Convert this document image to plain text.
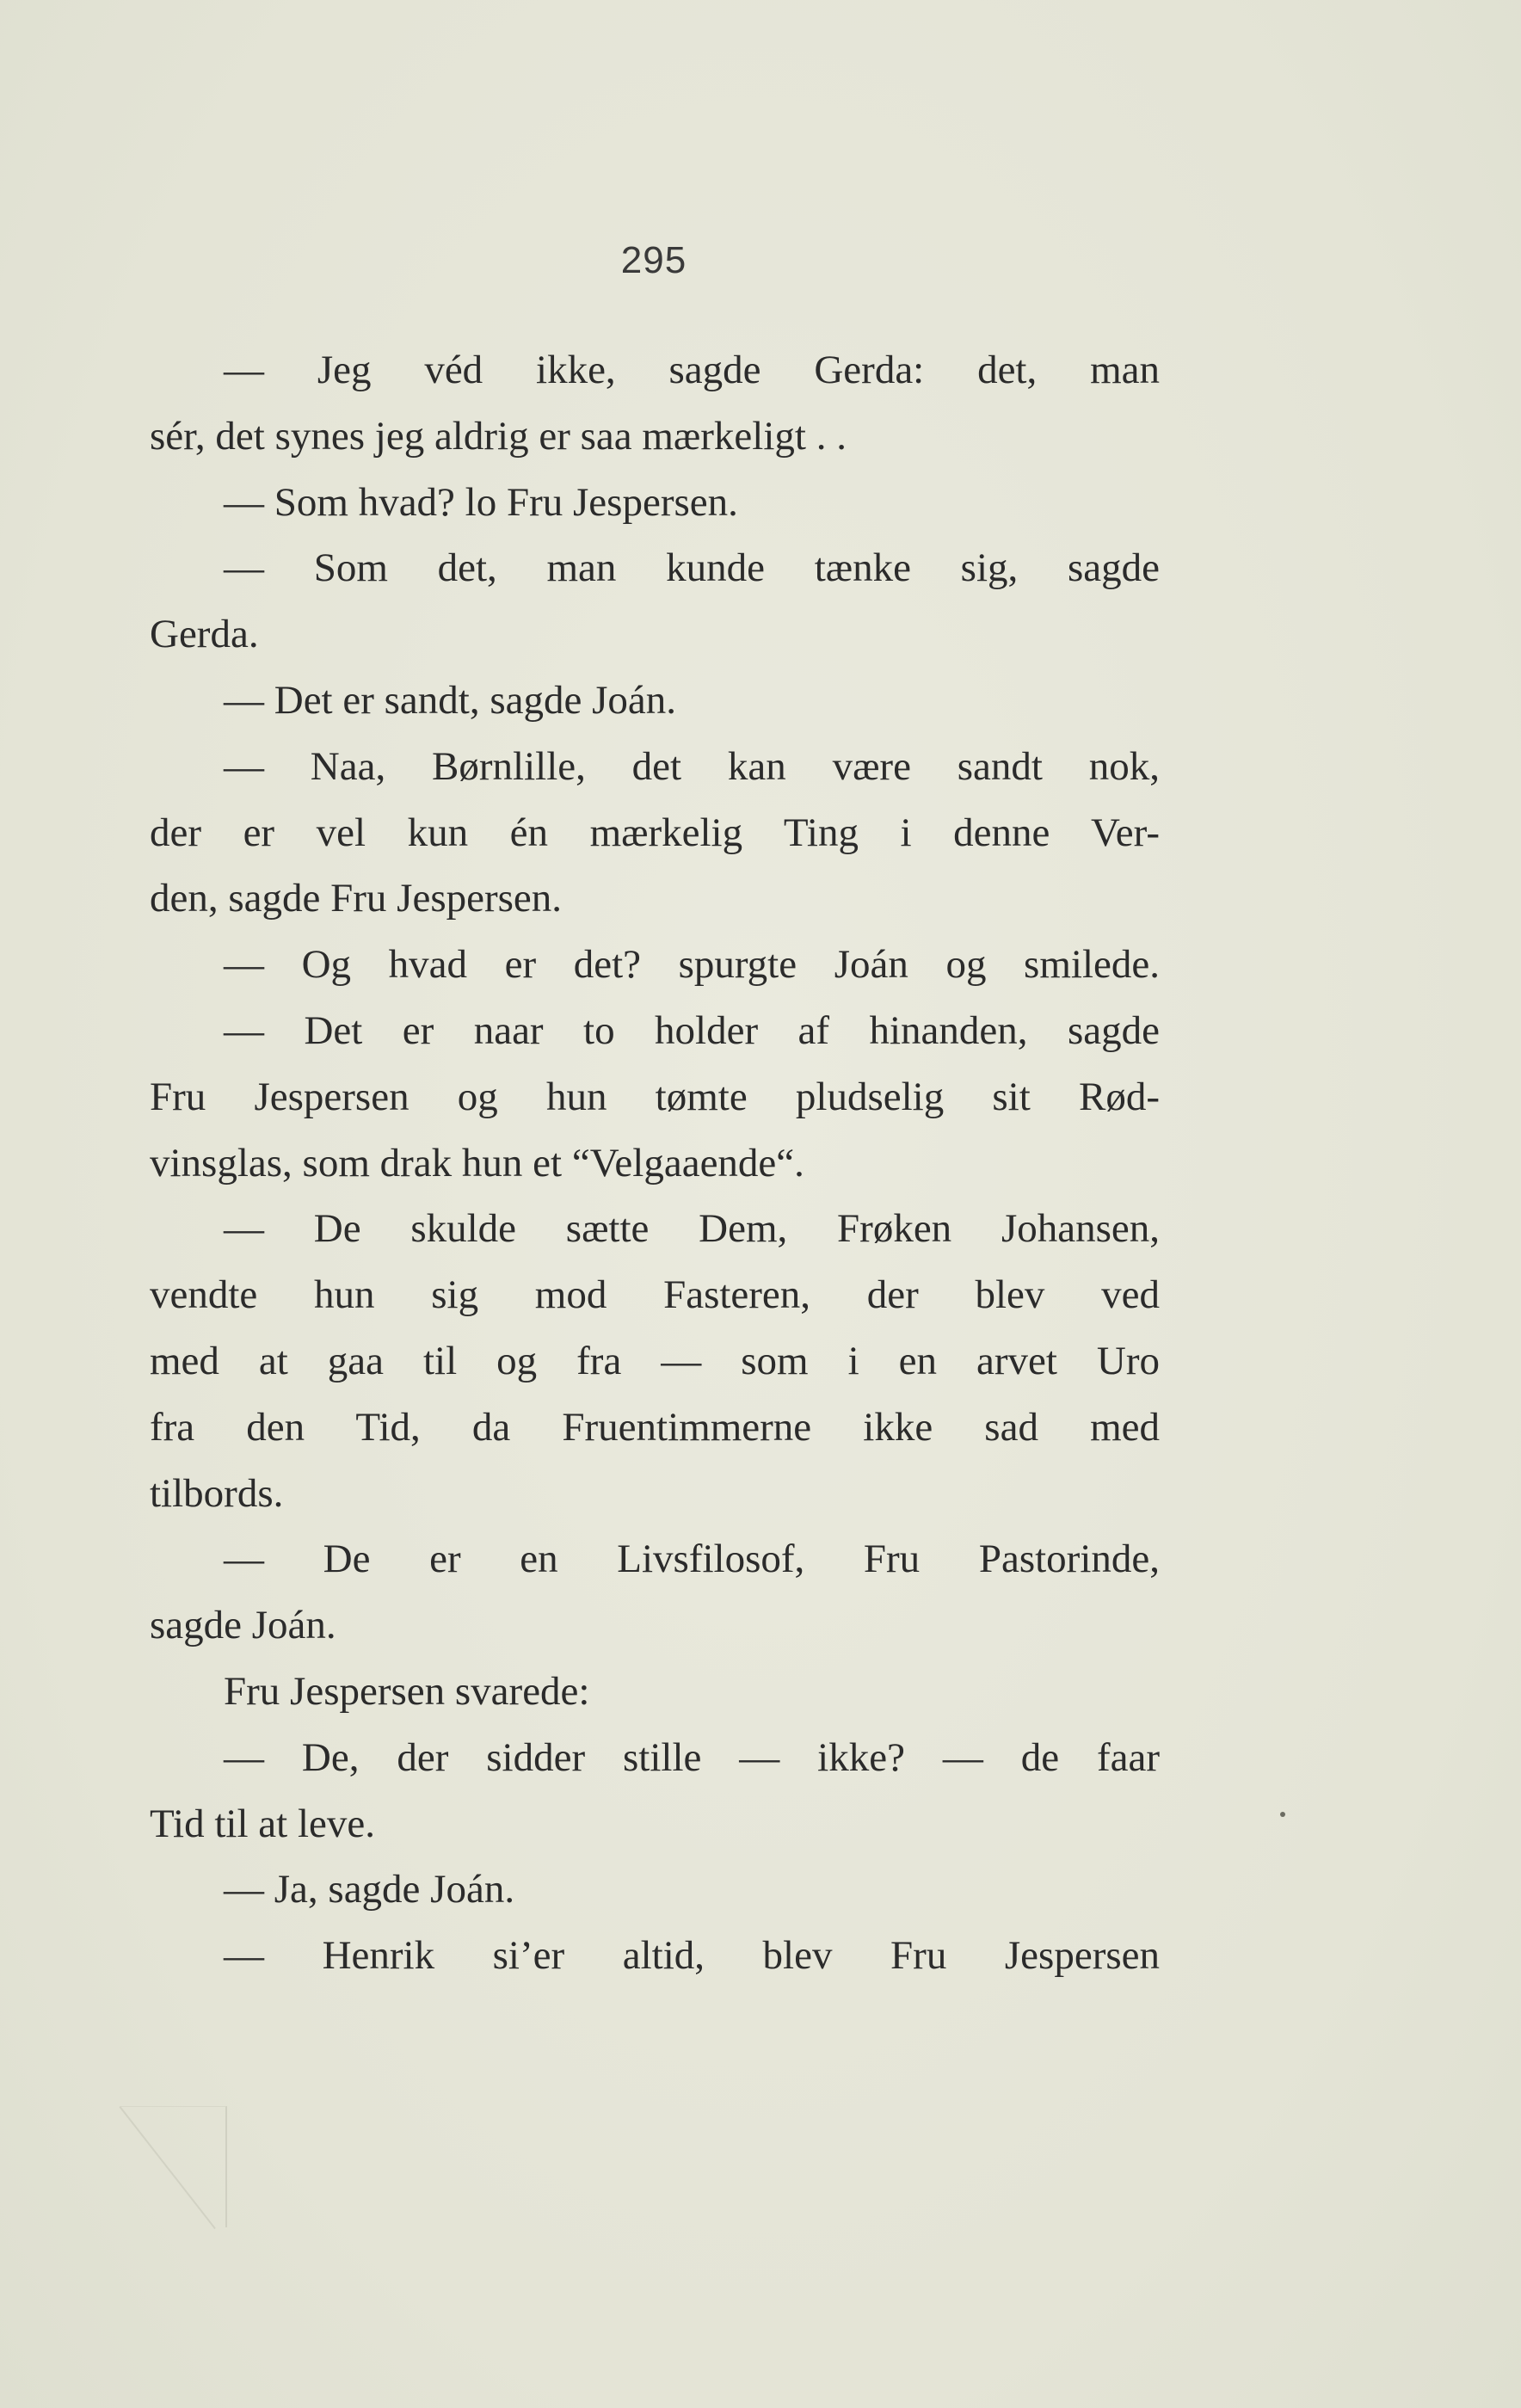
295
— Jeg véd ikke, sagde Gerda: det, man
sér, det synes jeg aldrig er saa mærkeligt . .
— Som hvad? lo Fru Jespersen.
— Som det, man kunde tænke sig, sagde
Gerda.
— Det er sandt, sagde Joán.
— Naa, Børnlille, det kan være sandt nok,
der er vel kun én mærkelig Ting i denne Ver-
den, sagde Fru Jespersen.
— Og hvad er det? spurgte Joán og smilede.
— Det er naar to holder af hinanden, sagde
Fru Jespersen og hun tømte pludselig sit Rød-
vinsglas, som drak hun et “Velgaaende“.
— De skulde sætte Dem, Frøken Johansen,
vendte hun sig mod Fasteren, der blev ved
med at gaa til og fra — som i en arvet Uro
fra den Tid, da Fruentimmerne ikke sad med
tilbords.
— De er en Livsfilosof, Fru Pastorinde,
sagde Joán.
Fru Jespersen svarede:
— De, der sidder stille — ikke? — de faar
Tid til at leve.
— Ja, sagde Joán.
— Henrik si’er altid, blev Fru Jespersen
